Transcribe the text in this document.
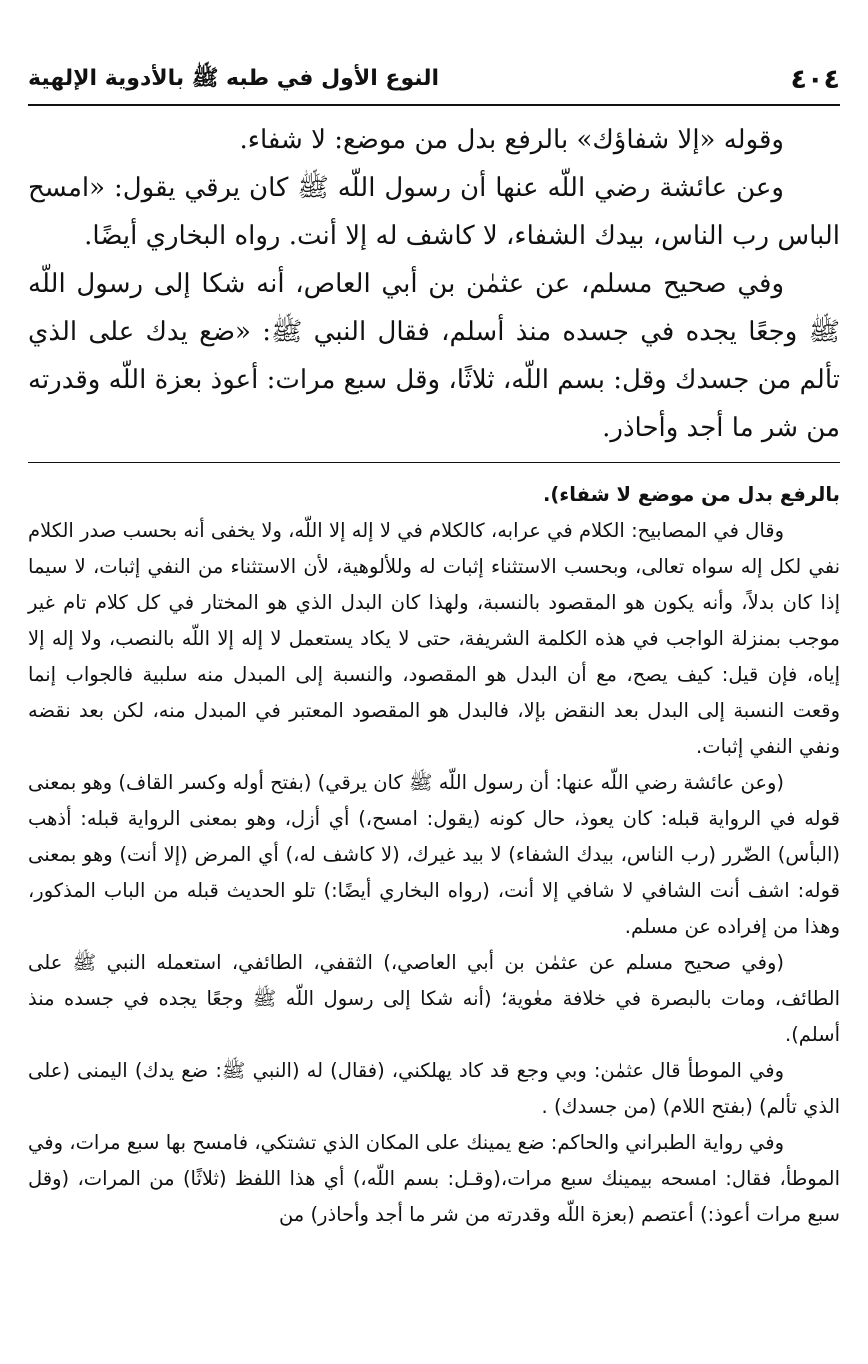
٤٠٤
النوع الأول في طبه ﷺ بالأدوية الإلهية

وقوله «إلا شفاؤك» بالرفع بدل من موضع: لا شفاء.

وعن عائشة رضي اللّه عنها أن رسول اللّه ﷺ كان يرقي يقول: «امسح الباس رب الناس، بيدك الشفاء، لا كاشف له إلا أنت. رواه البخاري أيضًا.

وفي صحيح مسلم، عن عثمٰن بن أبي العاص، أنه شكا إلى رسول اللّه ﷺ وجعًا يجده في جسده منذ أسلم، فقال النبي ﷺ: «ضع يدك على الذي تألم من جسدك وقل: بسم اللّه، ثلاثًا، وقل سبع مرات: أعوذ بعزة اللّه وقدرته من شر ما أجد وأحاذر.

بالرفع بدل من موضع لا شفاء).

وقال في المصابيح: الكلام في عرابه، كالكلام في لا إله إلا اللّه، ولا يخفى أنه بحسب صدر الكلام نفي لكل إله سواه تعالى، وبحسب الاستثناء إثبات له وللألوهية، لأن الاستثناء من النفي إثبات، لا سيما إذا كان بدلاً، وأنه يكون هو المقصود بالنسبة، ولهذا كان البدل الذي هو المختار في كل كلام تام غير موجب بمنزلة الواجب في هذه الكلمة الشريفة، حتى لا يكاد يستعمل لا إله إلا اللّه بالنصب، ولا إله إلا إياه، فإن قيل: كيف يصح، مع أن البدل هو المقصود، والنسبة إلى المبدل منه سلبية فالجواب إنما وقعت النسبة إلى البدل بعد النقض بإلا، فالبدل هو المقصود المعتبر في المبدل منه، لكن بعد نقضه ونفي النفي إثبات.

(وعن عائشة رضي اللّه عنها: أن رسول اللّه ﷺ كان يرقي) (بفتح أوله وكسر القاف) وهو بمعنى قوله في الرواية قبله: كان يعوذ، حال كونه (يقول: امسح،) أي أزل، وهو بمعنى الرواية قبله: أذهب (البأس) الضّرر (رب الناس، بيدك الشفاء) لا بيد غيرك، (لا كاشف له،) أي المرض (إلا أنت) وهو بمعنى قوله: اشف أنت الشافي لا شافي إلا أنت، (رواه البخاري أيضًا:) تلو الحديث قبله من الباب المذكور، وهذا من إفراده عن مسلم.

(وفي صحيح مسلم عن عثمٰن بن أبي العاصي،) الثقفي، الطائفي، استعمله النبي ﷺ على الطائف، ومات بالبصرة في خلافة معٰوية؛ (أنه شكا إلى رسول اللّه ﷺ وجعًا يجده في جسده منذ أسلم).

وفي الموطأ قال عثمٰن: وبي وجع قد كاد يهلكني، (فقال) له (النبي ﷺ: ضع يدك) اليمنى (على الذي تألم) (بفتح اللام) (من جسدك) .

وفي رواية الطبراني والحاكم: ضع يمينك على المكان الذي تشتكي، فامسح بها سبع مرات، وفي الموطأ، فقال: امسحه بيمينك سبع مرات،(وقـل: بسم اللّه،) أي هذا اللفظ (ثلاثًا) من المرات، (وقل سبع مرات أعوذ:) أعتصم (بعزة اللّه وقدرته من شر ما أجد وأحاذر) من
